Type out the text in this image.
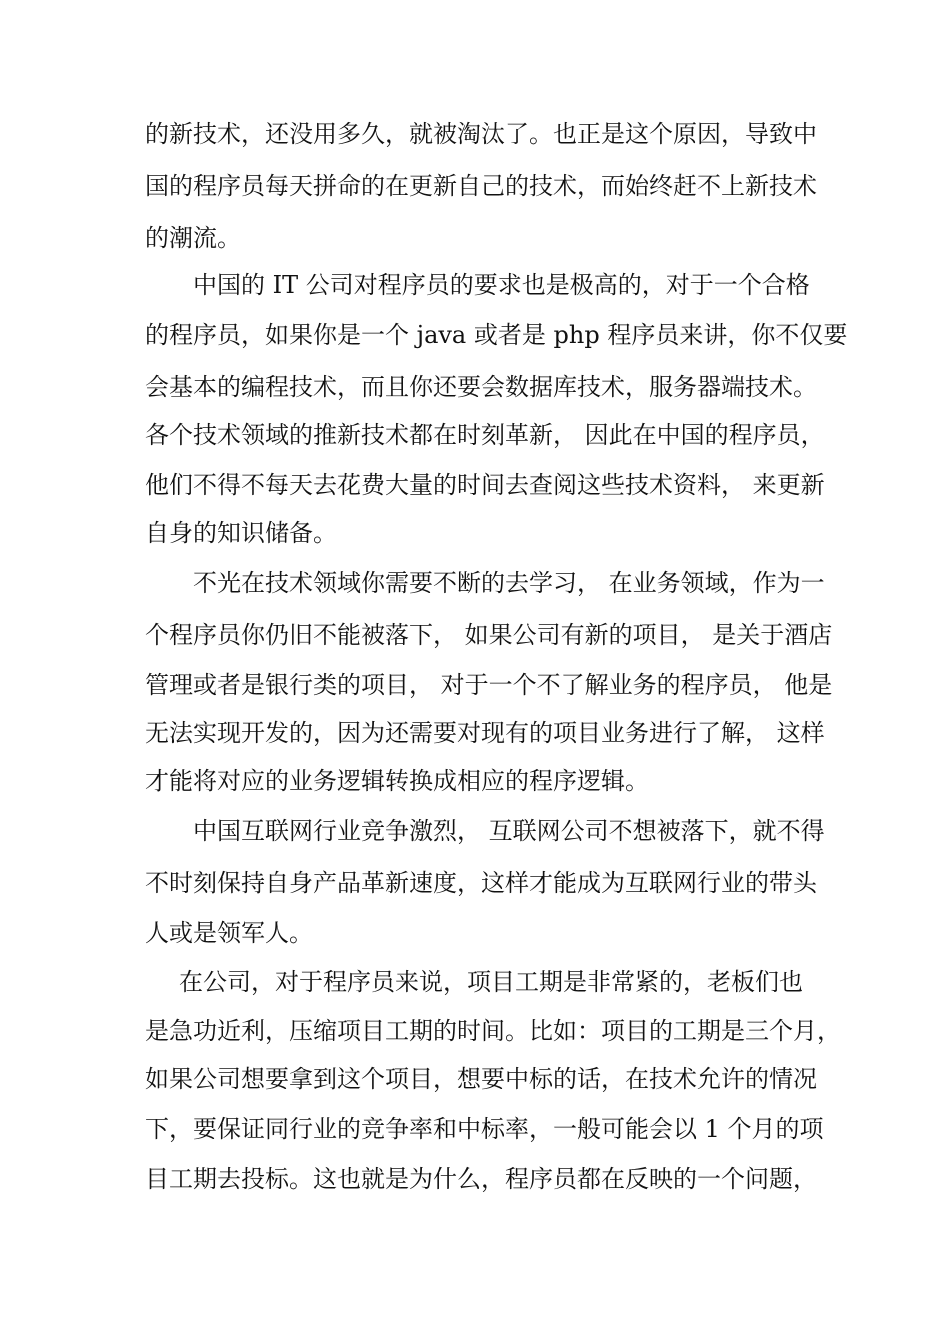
的新技术，还没用多久，就被淘汰了。也正是这个原因，导致中
国的程序员每天拼命的在更新自己的技术，而始终赶不上新技术
的潮流。
中国的 IT 公司对程序员的要求也是极高的，对于一个合格
的程序员，如果你是一个 java 或者是 php 程序员来讲，你不仅要
会基本的编程技术，而且你还要会数据库技术，服务器端技术。
各个技术领域的推新技术都在时刻革新， 因此在中国的程序员，
他们不得不每天去花费大量的时间去查阅这些技术资料， 来更新
自身的知识储备。
不光在技术领域你需要不断的去学习， 在业务领域，作为一
个程序员你仍旧不能被落下， 如果公司有新的项目， 是关于酒店
管理或者是银行类的项目， 对于一个不了解业务的程序员， 他是
无法实现开发的，因为还需要对现有的项目业务进行了解， 这样
才能将对应的业务逻辑转换成相应的程序逻辑。
中国互联网行业竞争激烈， 互联网公司不想被落下，就不得
不时刻保持自身产品革新速度，这样才能成为互联网行业的带头
人或是领军人。
在公司，对于程序员来说，项目工期是非常紧的，老板们也
是急功近利，压缩项目工期的时间。比如：项目的工期是三个月，
如果公司想要拿到这个项目，想要中标的话，在技术允许的情况
下，要保证同行业的竞争率和中标率，一般可能会以 1 个月的项
目工期去投标。这也就是为什么，程序员都在反映的一个问题，
